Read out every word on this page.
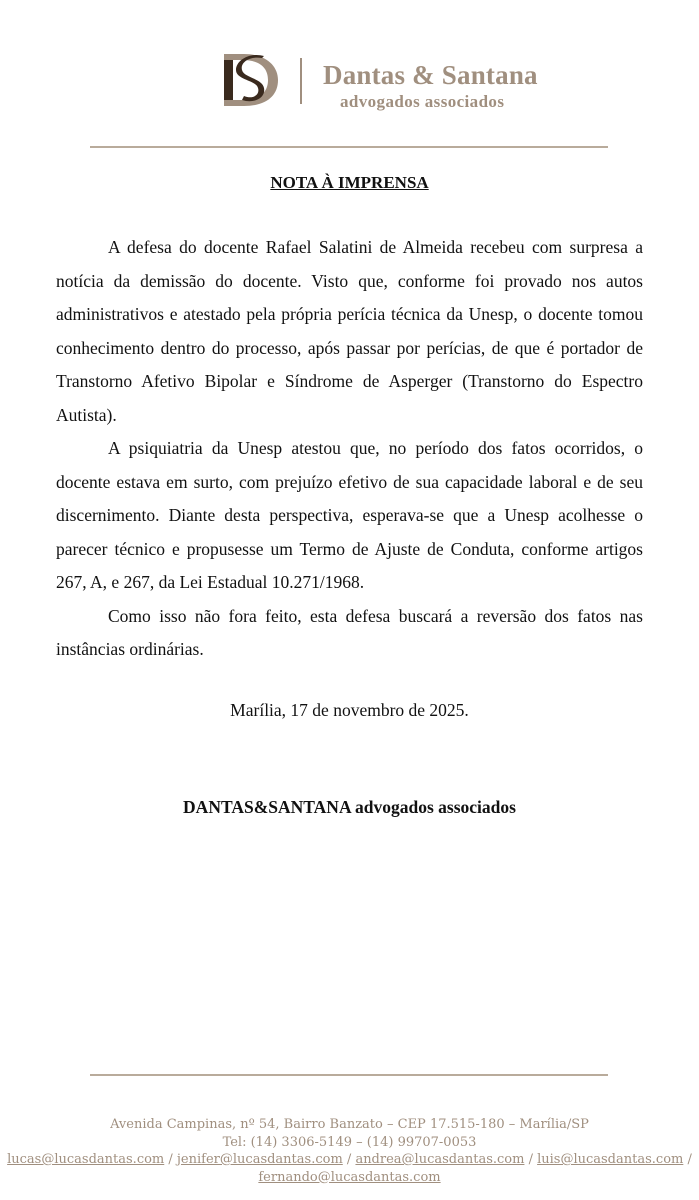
Dantas & Santana
advogados associados
NOTA À IMPRENSA

A defesa do docente Rafael Salatini de Almeida recebeu com surpresa a notícia da demissão do docente. Visto que, conforme foi provado nos autos administrativos e atestado pela própria perícia técnica da Unesp, o docente tomou conhecimento dentro do processo, após passar por perícias, de que é portador de Transtorno Afetivo Bipolar e Síndrome de Asperger (Transtorno do Espectro Autista).

A psiquiatria da Unesp atestou que, no período dos fatos ocorridos, o docente estava em surto, com prejuízo efetivo de sua capacidade laboral e de seu discernimento. Diante desta perspectiva, esperava-se que a Unesp acolhesse o parecer técnico e propusesse um Termo de Ajuste de Conduta, conforme artigos 267, A, e 267, da Lei Estadual 10.271/1968.

Como isso não fora feito, esta defesa buscará a reversão dos fatos nas instâncias ordinárias.

Marília, 17 de novembro de 2025.
DANTAS&SANTANA advogados associados
Avenida Campinas, nº 54, Bairro Banzato – CEP 17.515-180 – Marília/SP
Tel: (14) 3306-5149 – (14) 99707-0053
lucas@lucasdantas.com / jenifer@lucasdantas.com / andrea@lucasdantas.com / luis@lucasdantas.com /
fernando@lucasdantas.com
